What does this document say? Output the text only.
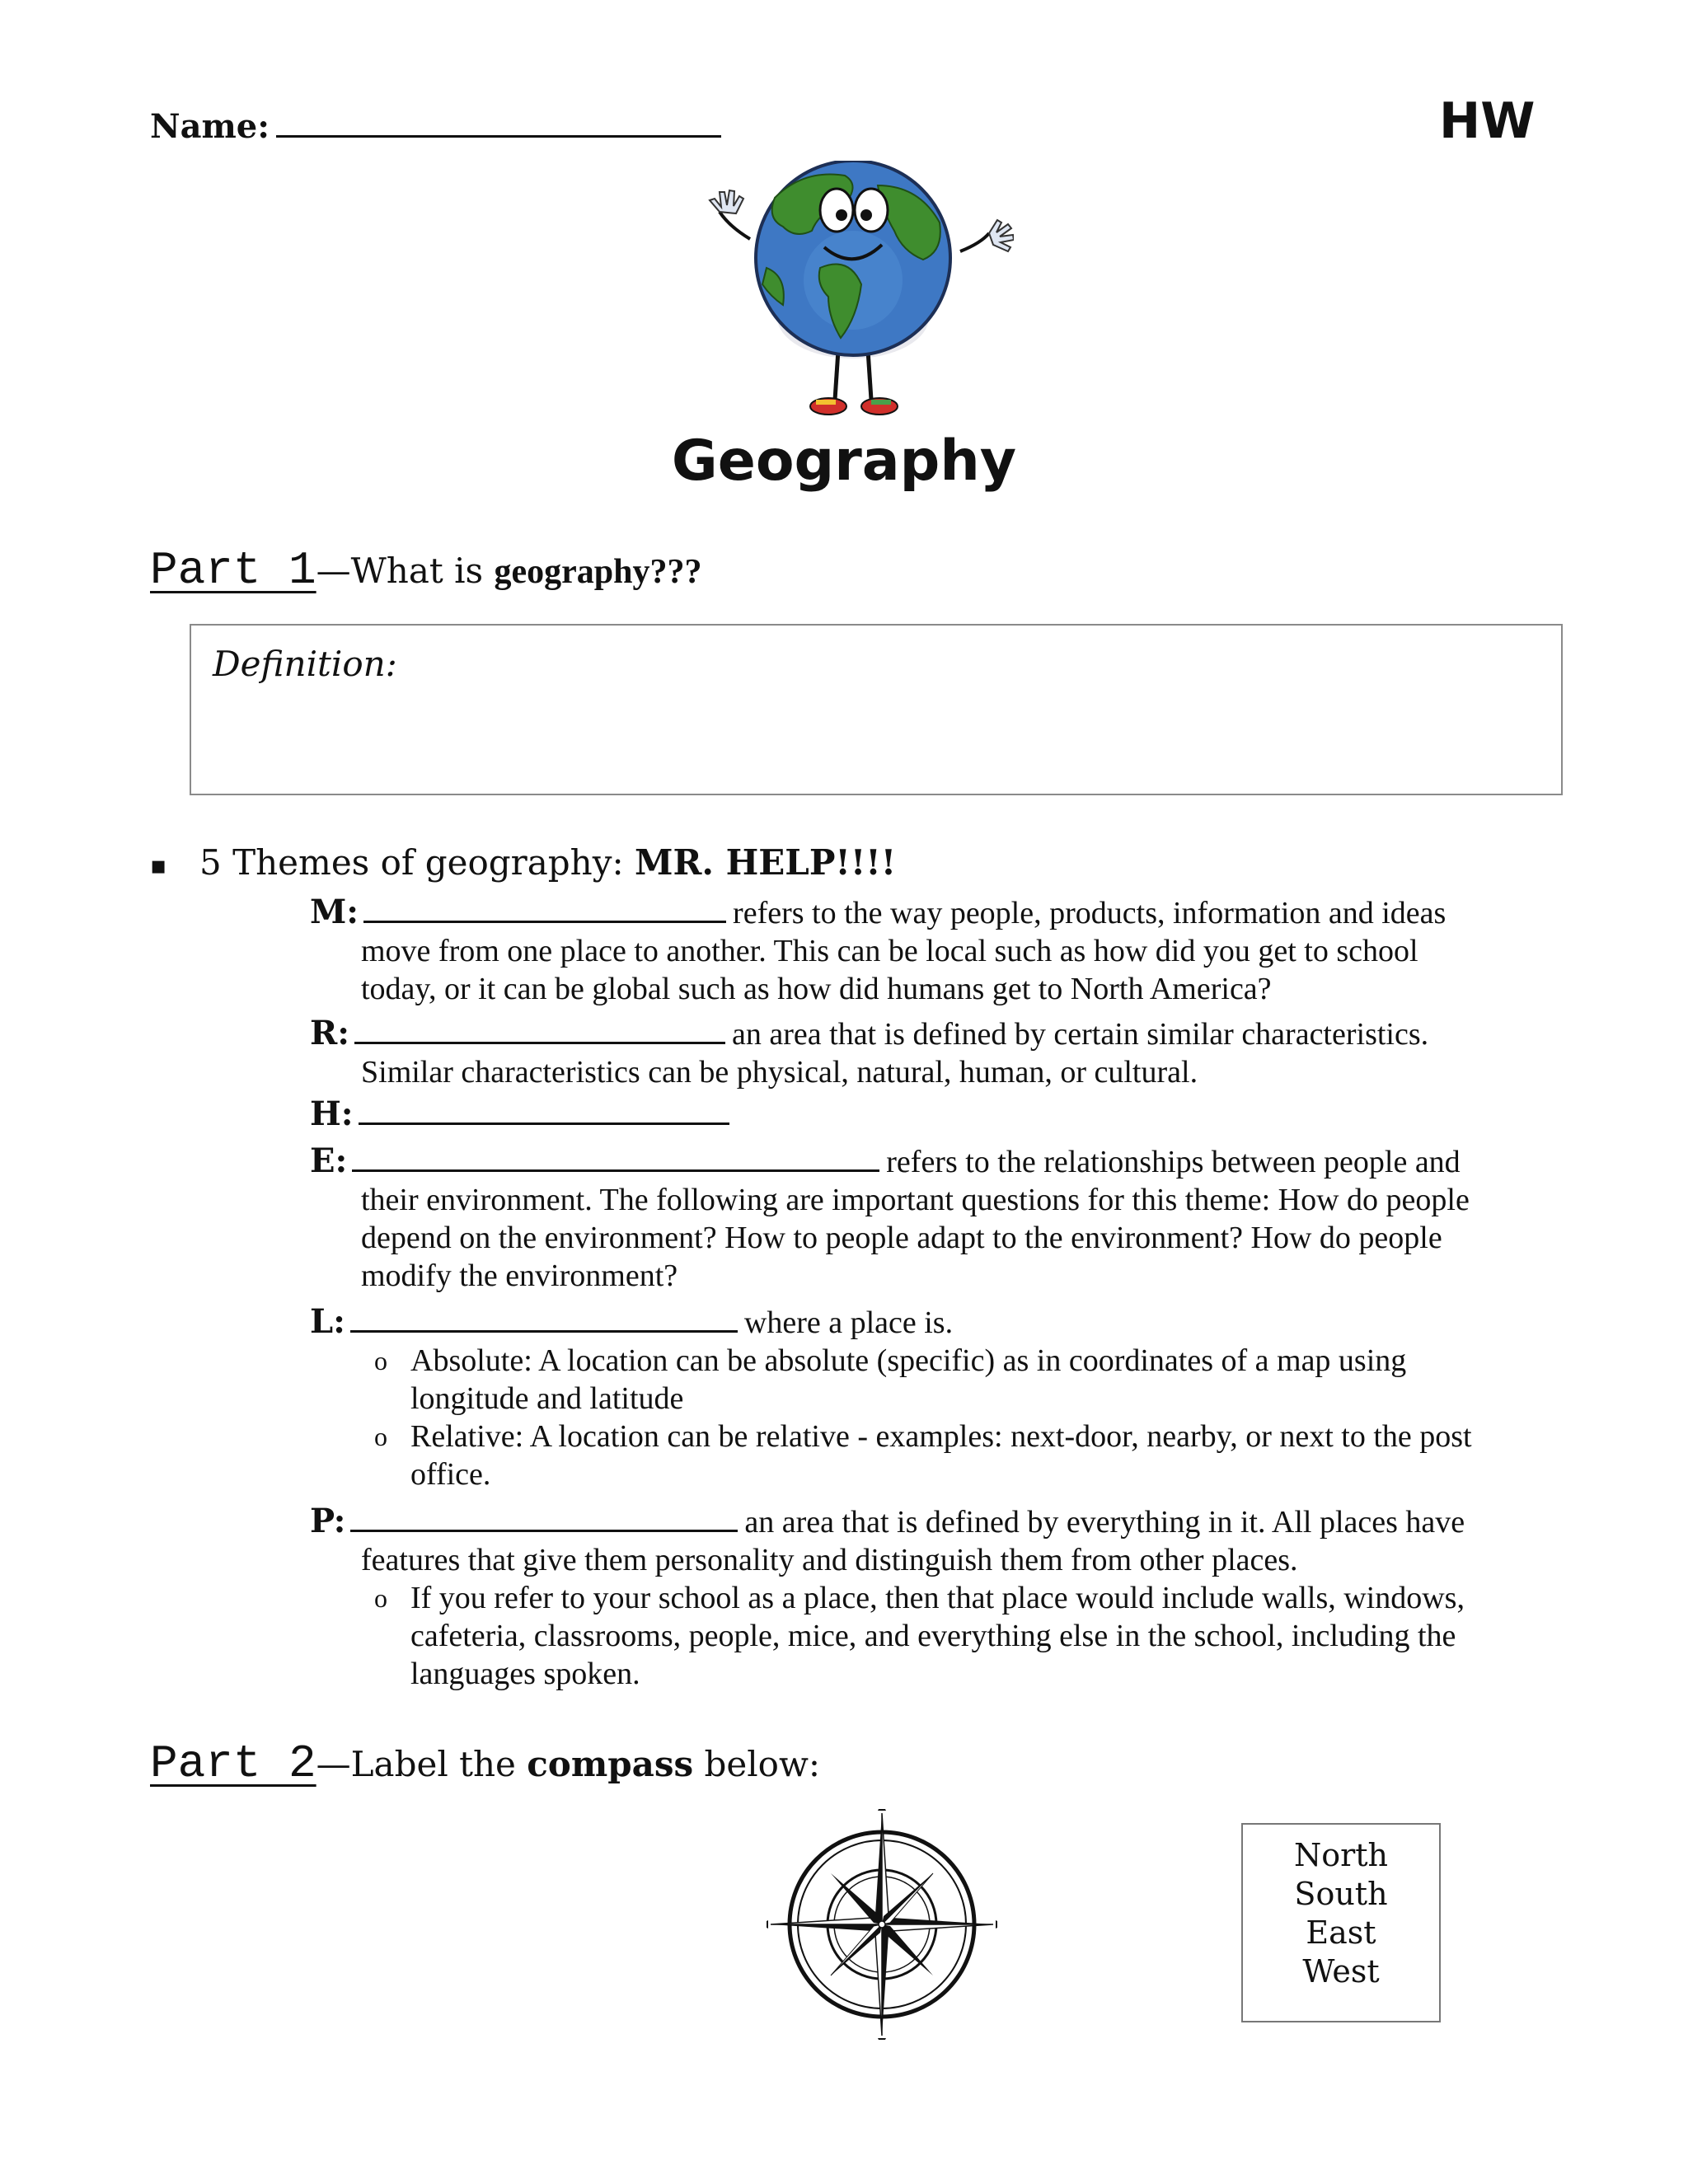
Name:	HW
Geography
Part 1—What is geography???
Definition:
▪ 5 Themes of geography: MR. HELP!!!!
M:	refers to the way people, products, information and ideas
move from one place to another. This can be local such as how did you get to school
today, or it can be global such as how did humans get to North America?
R:	an area that is defined by certain similar characteristics.
Similar characteristics can be physical, natural, human, or cultural.
H:
E:	refers to the relationships between people and
their environment. The following are important questions for this theme: How do people
depend on the environment? How to people adapt to the environment? How do people
modify the environment?
L:	where a place is.
o Absolute: A location can be absolute (specific) as in coordinates of a map using
longitude and latitude
o Relative: A location can be relative - examples: next-door, nearby, or next to the post
office.
P:	an area that is defined by everything in it. All places have
features that give them personality and distinguish them from other places.
o If you refer to your school as a place, then that place would include walls, windows,
cafeteria, classrooms, people, mice, and everything else in the school, including the
languages spoken.
Part 2—Label the compass below:
North
South
East
West
